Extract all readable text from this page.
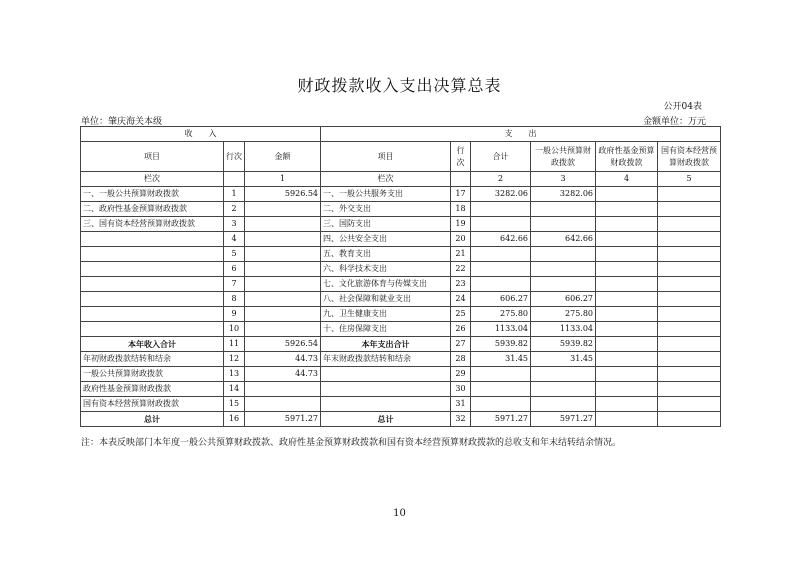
财政拨款收入支出决算总表
公开04表
单位：肇庆海关本级	金额单位：万元
收　　入			支　　出					
项目	行次	金额	项目	行次	合计	一般公共预算财政拨款	政府性基金预算财政拨款	国有资本经营预算财政拨款
栏次		1	栏次		2	3	4	5
一、一般公共预算财政拨款	1	5926.54	一、一般公共服务支出	17	3282.06	3282.06		
二、政府性基金预算财政拨款	2		二、外交支出	18				
三、国有资本经营预算财政拨款	3		三、国防支出	19				
	4		四、公共安全支出	20	642.66	642.66		
	5		五、教育支出	21				
	6		六、科学技术支出	22				
	7		七、文化旅游体育与传媒支出	23				
	8		八、社会保障和就业支出	24	606.27	606.27		
	9		九、卫生健康支出	25	275.80	275.80		
	10		十、住房保障支出	26	1133.04	1133.04		
本年收入合计	11	5926.54	本年支出合计	27	5939.82	5939.82		
年初财政拨款结转和结余	12	44.73	年末财政拨款结转和结余	28	31.45	31.45		
一般公共预算财政拨款	13	44.73		29				
政府性基金预算财政拨款	14			30				
国有资本经营预算财政拨款	15			31				
总计	16	5971.27	总计	32	5971.27	5971.27		
注：本表反映部门本年度一般公共预算财政拨款、政府性基金预算财政拨款和国有资本经营预算财政拨款的总收支和年末结转结余情况。
10
